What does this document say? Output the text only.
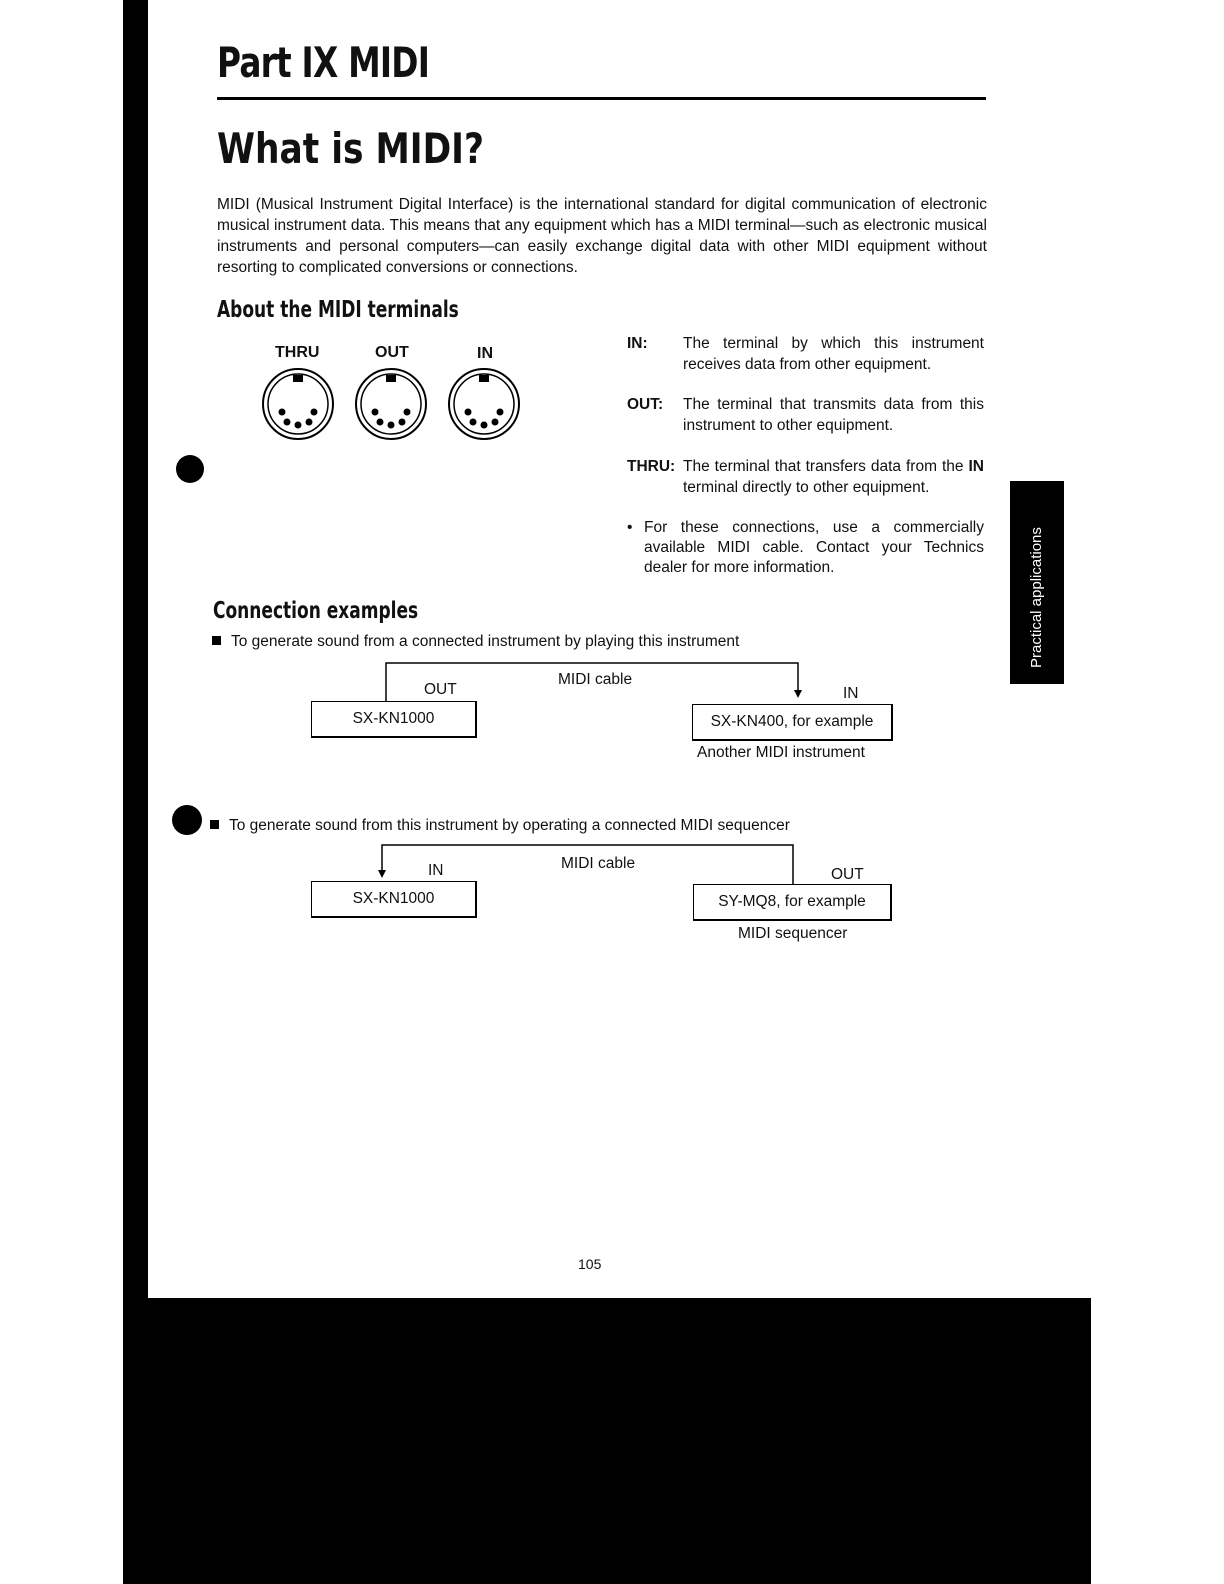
Part IX MIDI
What is MIDI?
MIDI (Musical Instrument Digital Interface) is the international standard for digital communication of electronic musical instrument data. This means that any equipment which has a MIDI terminal—such as electronic musical instruments and personal computers—can easily exchange digital data with other MIDI equipment without resorting to complicated conversions or connections.
About the MIDI terminals
THRU	OUT	IN
IN: The terminal by which this instrument receives data from other equipment.
OUT: The terminal that transmits data from this instrument to other equipment.
THRU: The terminal that transfers data from the IN terminal directly to other equipment.
• For these connections, use a commercially available MIDI cable. Contact your Technics dealer for more information.
Connection examples
To generate sound from a connected instrument by playing this instrument
OUT
MIDI cable
IN
SX-KN1000	SX-KN400, for example
Another MIDI instrument
To generate sound from this instrument by operating a connected MIDI sequencer
IN	MIDI cable
OUT
SX-KN1000	SY-MQ8, for example
MIDI sequencer
Practical applications
105
